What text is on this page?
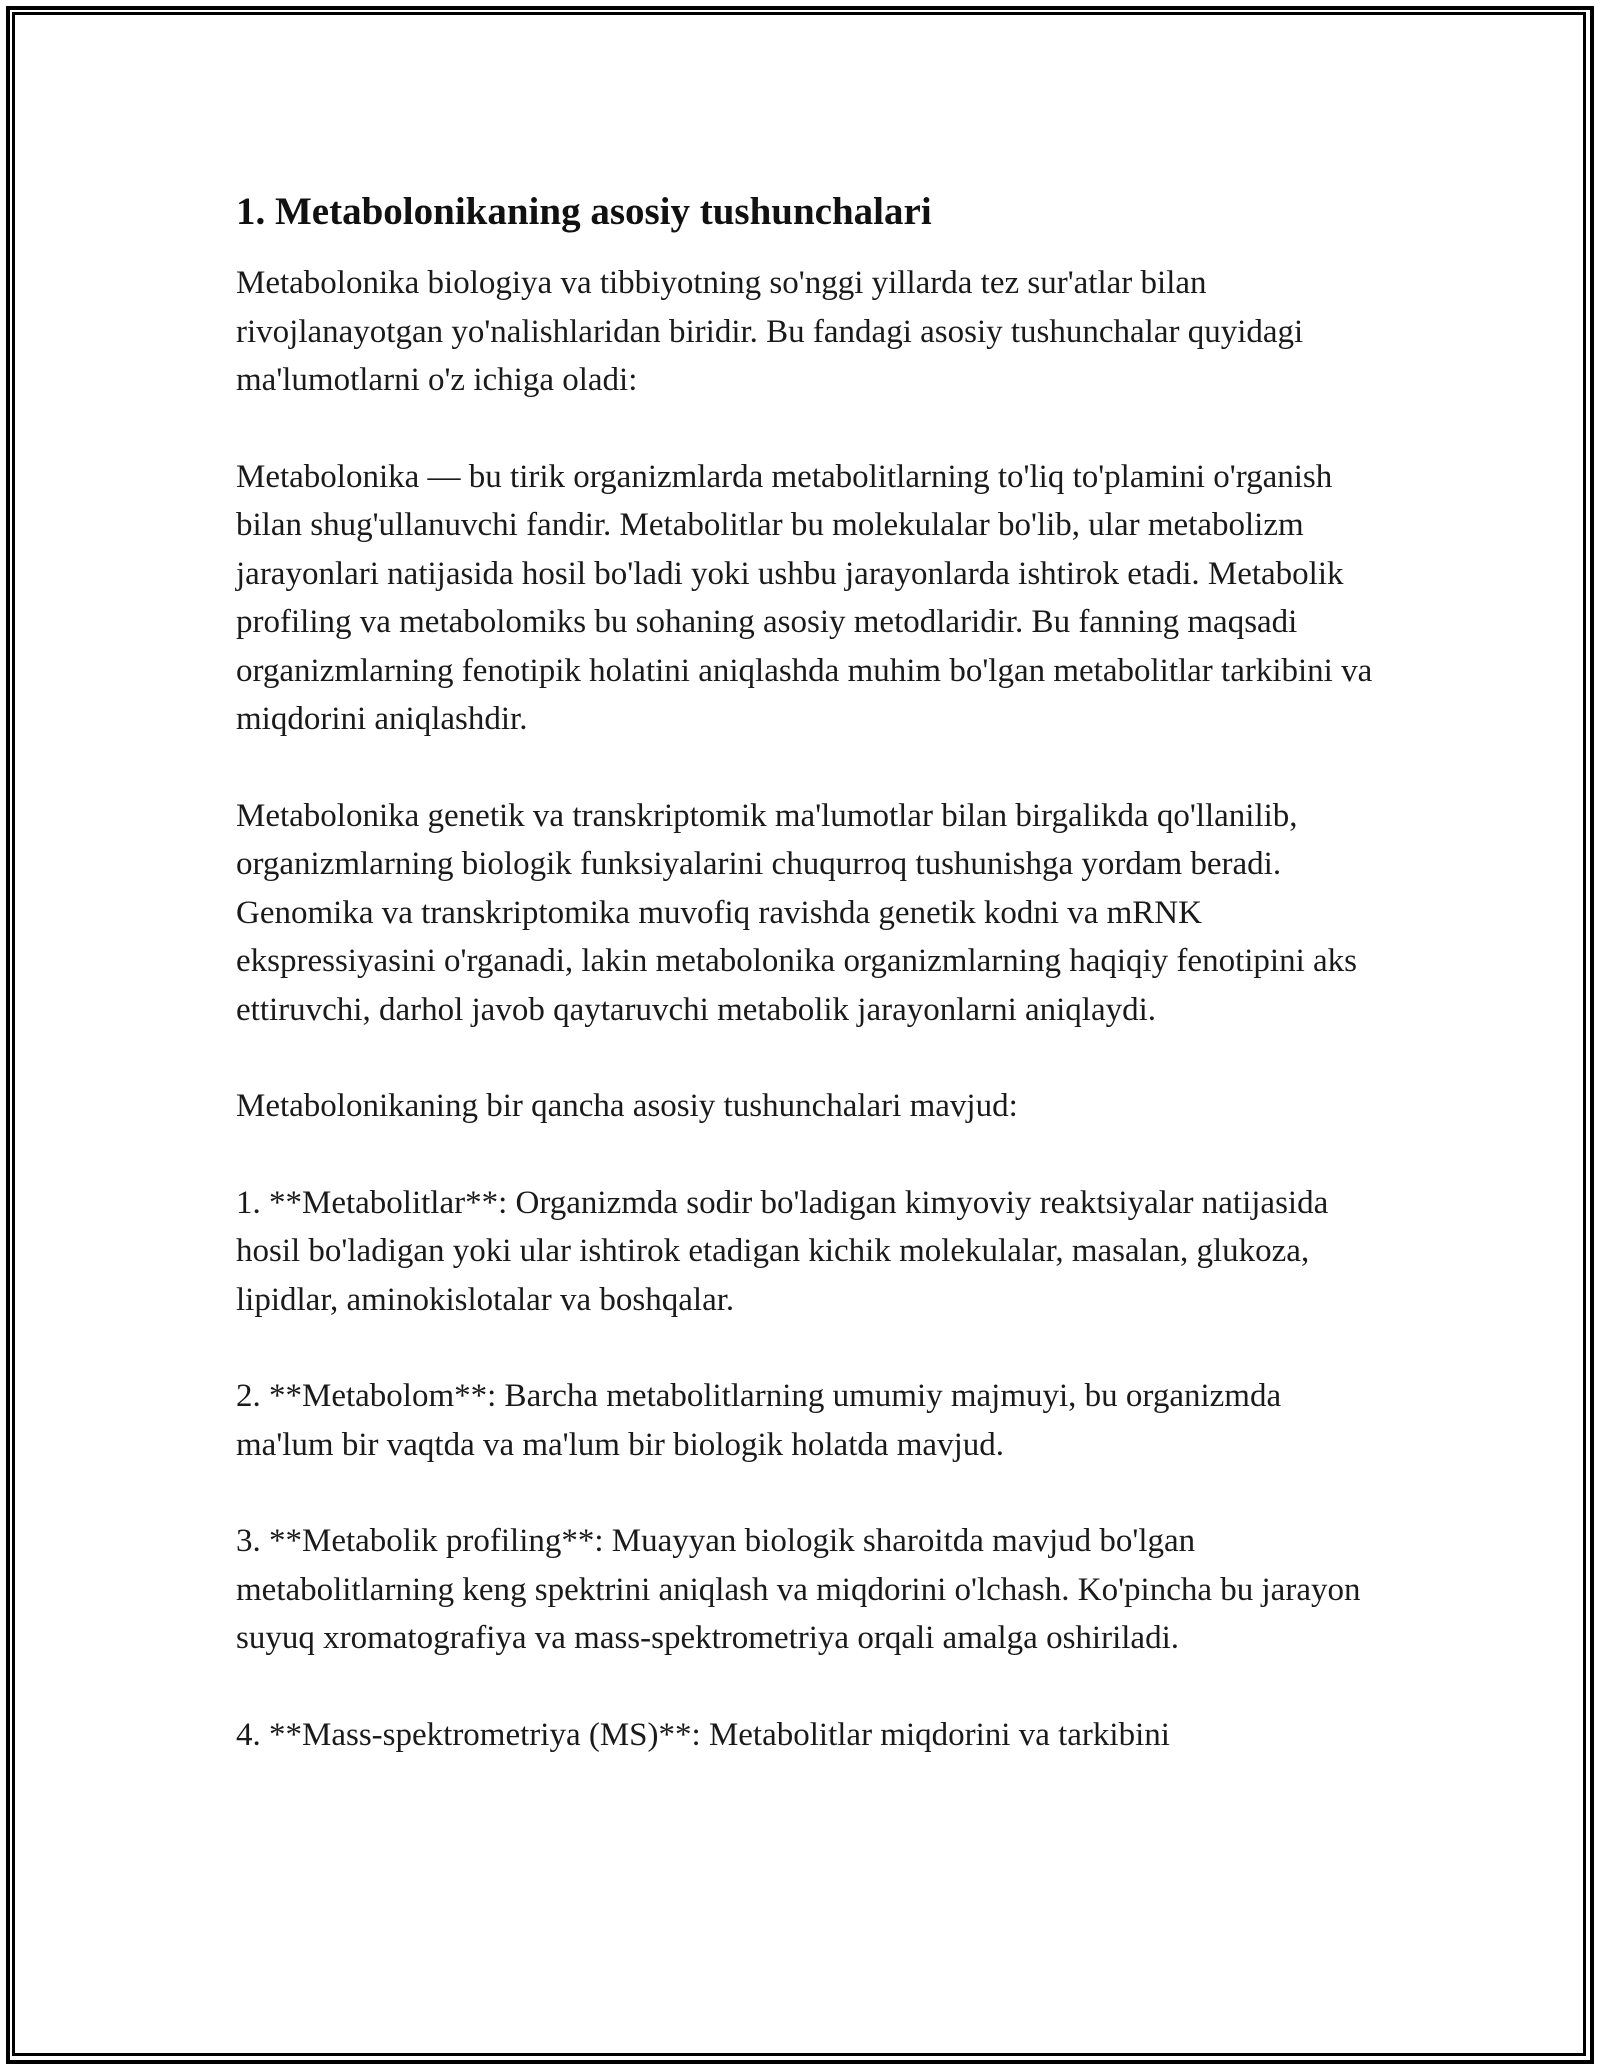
1. Metabolonikaning asosiy tushunchalari

Metabolonika biologiya va tibbiyotning so'nggi yillarda tez sur'atlar bilan rivojlanayotgan yo'nalishlaridan biridir. Bu fandagi asosiy tushunchalar quyidagi ma'lumotlarni o'z ichiga oladi:

Metabolonika — bu tirik organizmlarda metabolitlarning to'liq to'plamini o'rganish bilan shug'ullanuvchi fandir. Metabolitlar bu molekulalar bo'lib, ular metabolizm jarayonlari natijasida hosil bo'ladi yoki ushbu jarayonlarda ishtirok etadi. Metabolik profiling va metabolomiks bu sohaning asosiy metodlaridir. Bu fanning maqsadi organizmlarning fenotipik holatini aniqlashda muhim bo'lgan metabolitlar tarkibini va miqdorini aniqlashdir.

Metabolonika genetik va transkriptomik ma'lumotlar bilan birgalikda qo'llanilib, organizmlarning biologik funksiyalarini chuqurroq tushunishga yordam beradi. Genomika va transkriptomika muvofiq ravishda genetik kodni va mRNK ekspressiyasini o'rganadi, lakin metabolonika organizmlarning haqiqiy fenotipini aks ettiruvchi, darhol javob qaytaruvchi metabolik jarayonlarni aniqlaydi.

Metabolonikaning bir qancha asosiy tushunchalari mavjud:

1. **Metabolitlar**: Organizmda sodir bo'ladigan kimyoviy reaktsiyalar natijasida hosil bo'ladigan yoki ular ishtirok etadigan kichik molekulalar, masalan, glukoza, lipidlar, aminokislotalar va boshqalar.

2. **Metabolom**: Barcha metabolitlarning umumiy majmuyi, bu organizmda ma'lum bir vaqtda va ma'lum bir biologik holatda mavjud.

3. **Metabolik profiling**: Muayyan biologik sharoitda mavjud bo'lgan metabolitlarning keng spektrini aniqlash va miqdorini o'lchash. Ko'pincha bu jarayon suyuq xromatografiya va mass-spektrometriya orqali amalga oshiriladi.

4. **Mass-spektrometriya (MS)**: Metabolitlar miqdorini va tarkibini
